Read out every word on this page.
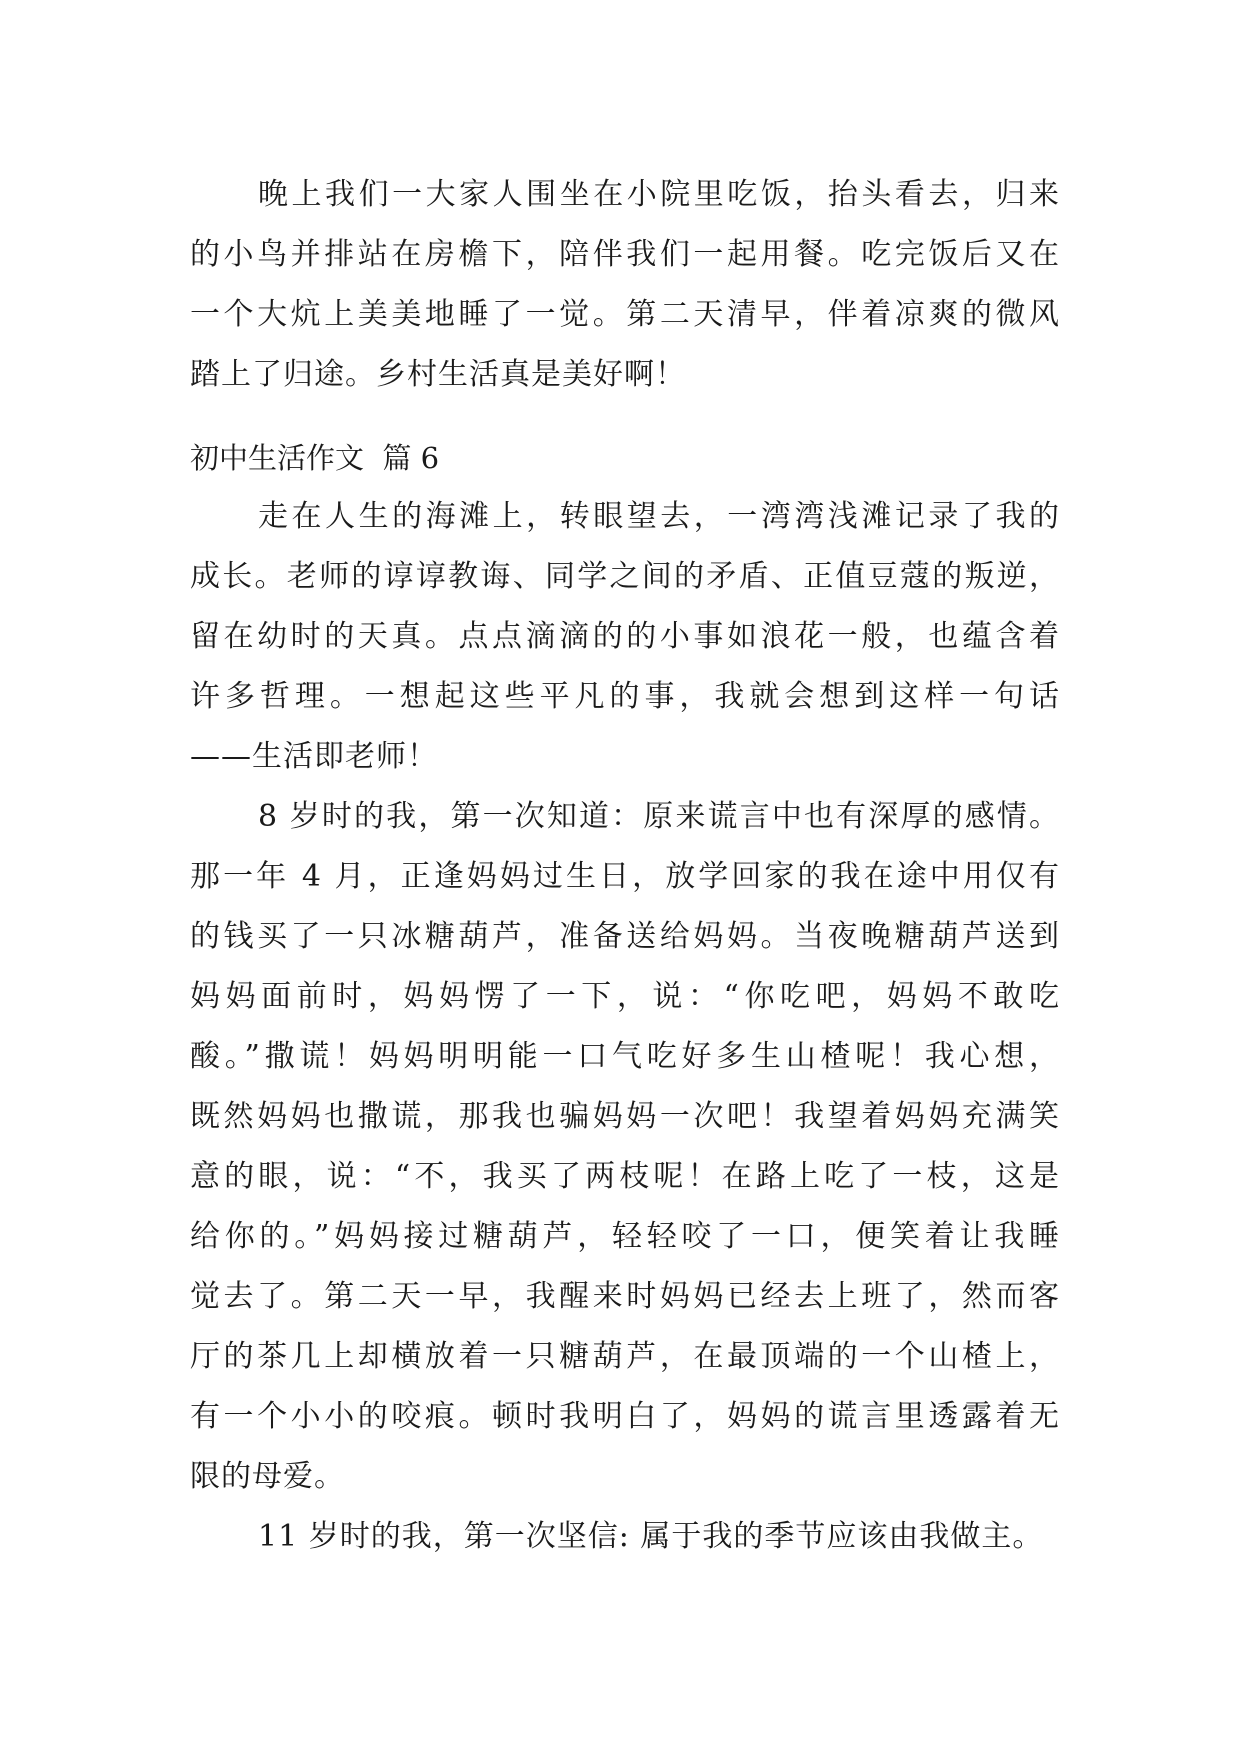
晚上我们一大家人围坐在小院里吃饭，抬头看去，归来
的小鸟并排站在房檐下，陪伴我们一起用餐。吃完饭后又在
一个大炕上美美地睡了一觉。第二天清早，伴着凉爽的微风
踏上了归途。乡村生活真是美好啊！
初中生活作文  篇 6
走在人生的海滩上，转眼望去，一湾湾浅滩记录了我的
成长。老师的谆谆教诲、同学之间的矛盾、正值豆蔻的叛逆，
留在幼时的天真。点点滴滴的的小事如浪花一般，也蕴含着
许多哲理。一想起这些平凡的事，我就会想到这样一句话
——生活即老师！
8 岁时的我，第一次知道：原来谎言中也有深厚的感情。
那一年 4 月，正逢妈妈过生日，放学回家的我在途中用仅有
的钱买了一只冰糖葫芦，准备送给妈妈。当夜晚糖葫芦送到
妈妈面前时，妈妈愣了一下，说：“你吃吧，妈妈不敢吃
酸。”撒谎！妈妈明明能一口气吃好多生山楂呢！我心想，
既然妈妈也撒谎，那我也骗妈妈一次吧！我望着妈妈充满笑
意的眼，说：“不，我买了两枝呢！在路上吃了一枝，这是
给你的。”妈妈接过糖葫芦，轻轻咬了一口，便笑着让我睡
觉去了。第二天一早，我醒来时妈妈已经去上班了，然而客
厅的茶几上却横放着一只糖葫芦，在最顶端的一个山楂上，
有一个小小的咬痕。顿时我明白了，妈妈的谎言里透露着无
限的母爱。
11 岁时的我，第一次坚信: 属于我的季节应该由我做主。
